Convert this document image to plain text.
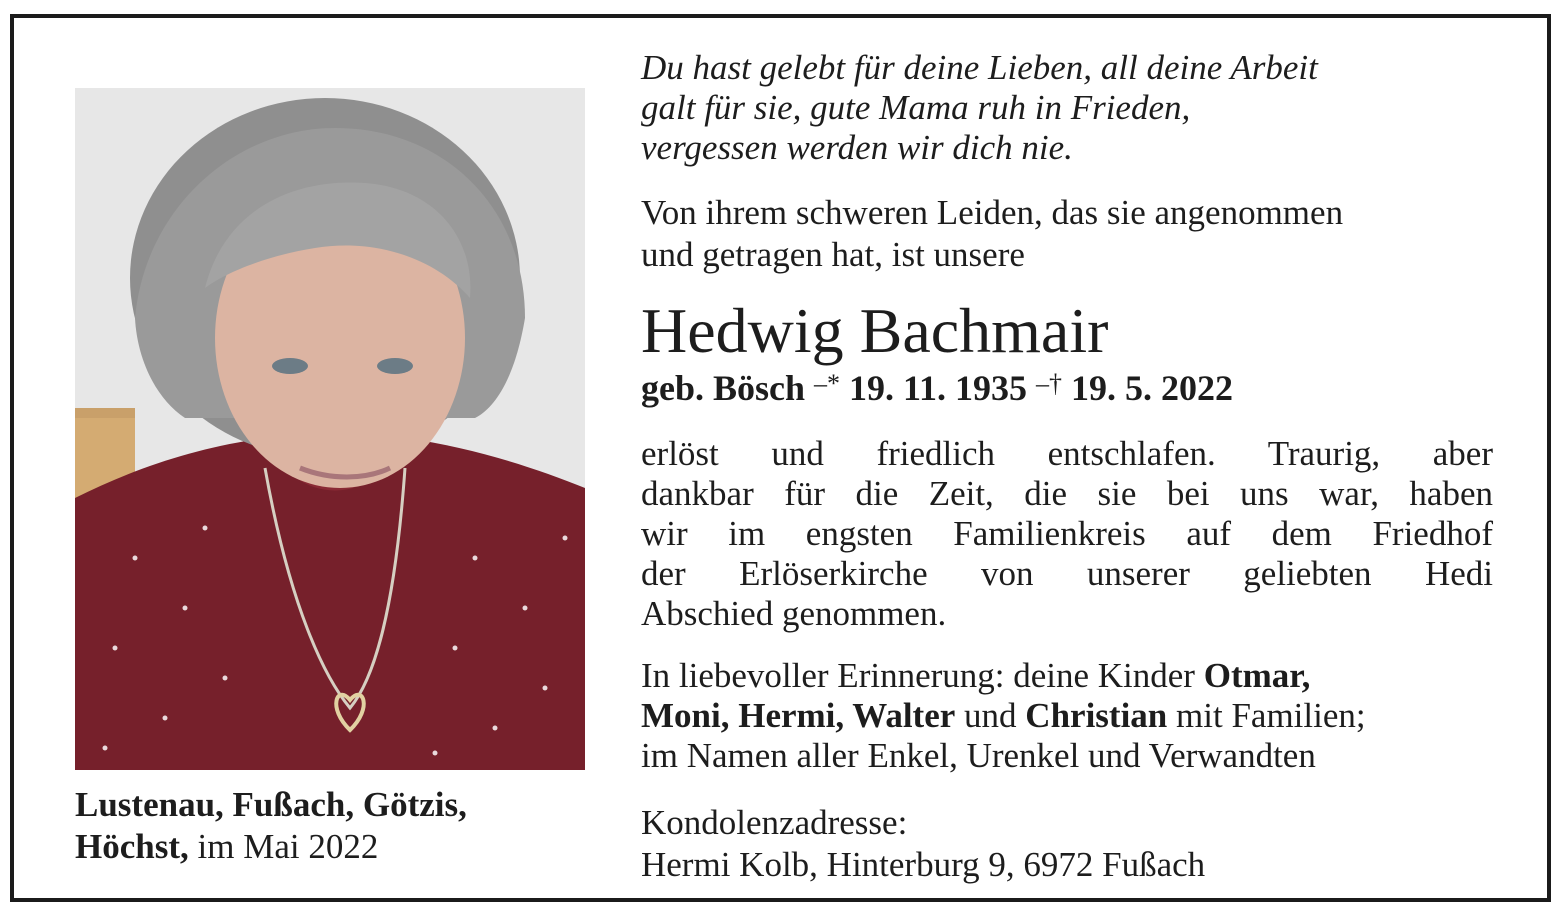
Lustenau, Fußach, Götzis,
Höchst, im Mai 2022
Du hast gelebt für deine Lieben, all deine Arbeit
galt für sie, gute Mama ruh in Frieden,
vergessen werden wir dich nie.
Von ihrem schweren Leiden, das sie angenommen
und getragen hat, ist unsere
Hedwig Bachmair
geb. Bösch –* 19. 11. 1935 –† 19. 5. 2022
erlöst und friedlich entschlafen. Traurig, aber
dankbar für die Zeit, die sie bei uns war, haben
wir im engsten Familienkreis auf dem Friedhof
der Erlöserkirche von unserer geliebten Hedi
Abschied genommen.
In liebevoller Erinnerung: deine Kinder Otmar,
Moni, Hermi, Walter und Christian mit Familien;
im Namen aller Enkel, Urenkel und Verwandten
Kondolenzadresse:
Hermi Kolb, Hinterburg 9, 6972 Fußach
